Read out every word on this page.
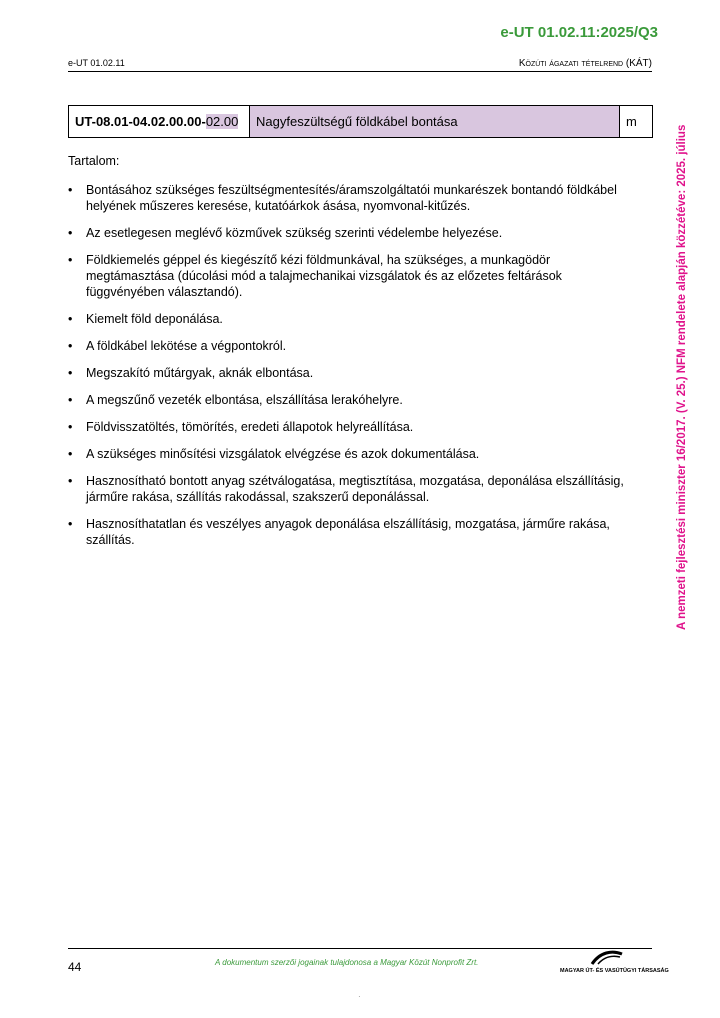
e-UT 01.02.11:2025/Q3
e-UT 01.02.11	Közúti ágazati tételrend (KÁT)
A nemzeti fejlesztési miniszter 16/2017. (V. 25.) NFM rendelete alapján közzétéve: 2025. július
UT-08.01-04.02.00.00-02.00	Nagyfeszültségű földkábel bontása	m

Tartalom:

• Bontásához szükséges feszültségmentesítés/áramszolgáltatói munkarészek bontandó földkábel helyének műszeres keresése, kutatóárkok ásása, nyomvonal-kitűzés.
• Az esetlegesen meglévő közművek szükség szerinti védelembe helyezése.
• Földkiemelés géppel és kiegészítő kézi földmunkával, ha szükséges, a munkagödör megtámasztása (dúcolási mód a talajmechanikai vizsgálatok és az előzetes feltárások függvényében választandó).
• Kiemelt föld deponálása.
• A földkábel lekötése a végpontokról.
• Megszakító műtárgyak, aknák elbontása.
• A megszűnő vezeték elbontása, elszállítása lerakóhelyre.
• Földvisszatöltés, tömörítés, eredeti állapotok helyreállítása.
• A szükséges minősítési vizsgálatok elvégzése és azok dokumentálása.
• Hasznosítható bontott anyag szétválogatása, megtisztítása, mozgatása, deponálása elszállításig, járműre rakása, szállítás rakodással, szakszerű deponálással.
• Hasznosíthatatlan és veszélyes anyagok deponálása elszállításig, mozgatása, járműre rakása, szállítás.
44	A dokumentum szerzői jogainak tulajdonosa a Magyar Közút Nonprofit Zrt.
MAGYAR ÚT- ÉS VASÚTÜGYI TÁRSASÁG
·
